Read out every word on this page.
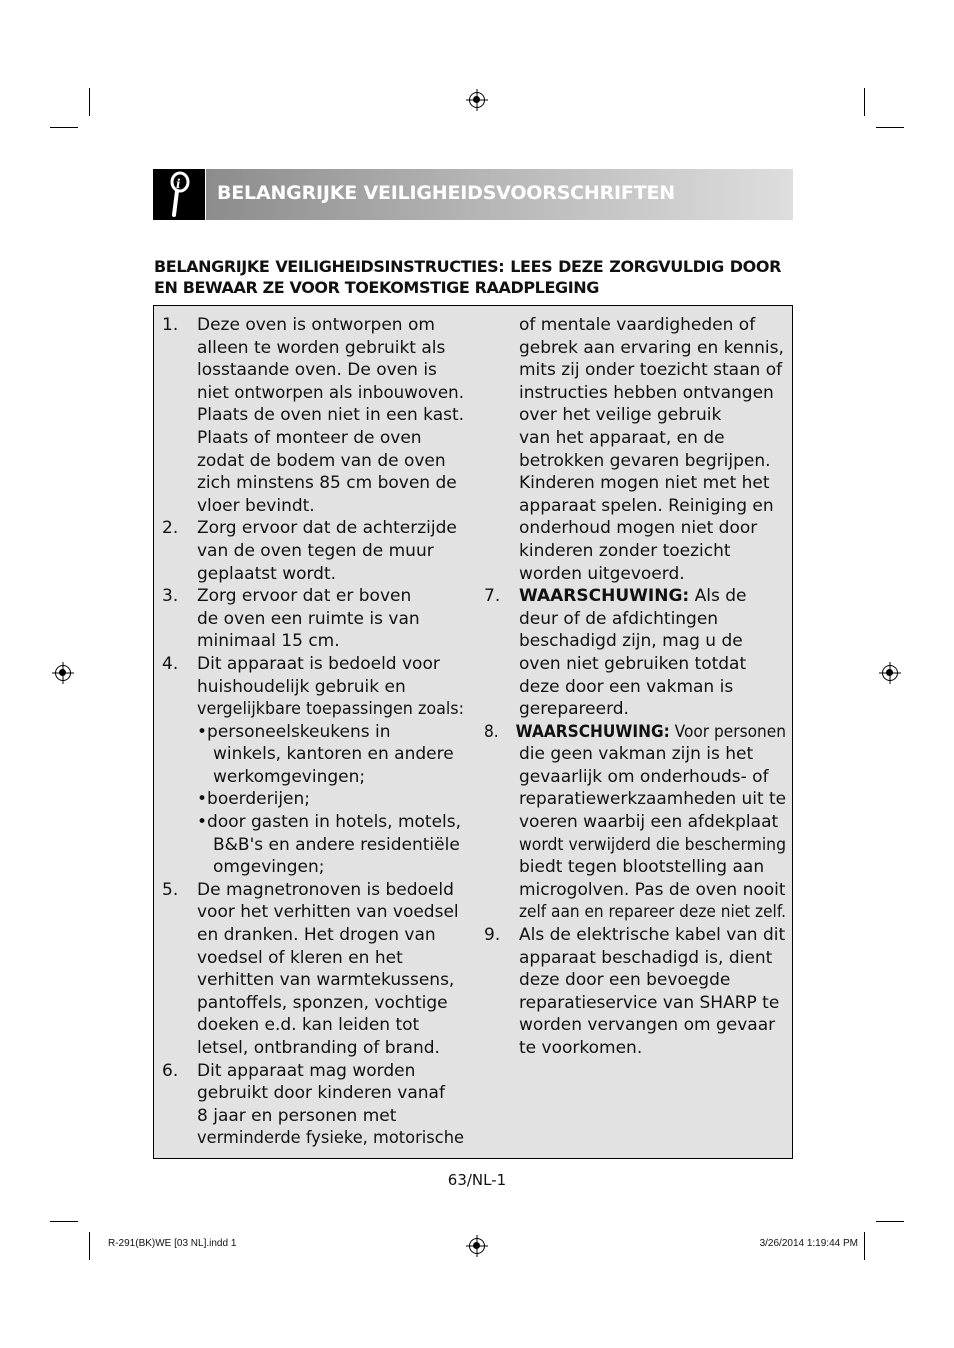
i BELANGRIJKE VEILIGHEIDSVOORSCHRIFTEN

BELANGRIJKE VEILIGHEIDSINSTRUCTIES: LEES DEZE ZORGVULDIG DOOR EN BEWAAR ZE VOOR TOEKOMSTIGE RAADPLEGING

1. Deze oven is ontworpen om
alleen te worden gebruikt als
losstaande oven. De oven is
niet ontworpen als inbouwoven.
Plaats de oven niet in een kast.
Plaats of monteer de oven
zodat de bodem van de oven
zich minstens 85 cm boven de
vloer bevindt.
2. Zorg ervoor dat de achterzijde
van de oven tegen de muur
geplaatst wordt.
3. Zorg ervoor dat er boven
de oven een ruimte is van
minimaal 15 cm.
4. Dit apparaat is bedoeld voor
huishoudelijk gebruik en
vergelijkbare toepassingen zoals:
•personeelskeukens in
winkels, kantoren en andere
werkomgevingen;
•boerderijen;
•door gasten in hotels, motels,
B&B's en andere residentiële
omgevingen;
5. De magnetronoven is bedoeld
voor het verhitten van voedsel
en dranken. Het drogen van
voedsel of kleren en het
verhitten van warmtekussens,
pantoffels, sponzen, vochtige
doeken e.d. kan leiden tot
letsel, ontbranding of brand.
6. Dit apparaat mag worden
gebruikt door kinderen vanaf
8 jaar en personen met
verminderde fysieke, motorische
of mentale vaardigheden of
gebrek aan ervaring en kennis,
mits zij onder toezicht staan of
instructies hebben ontvangen
over het veilige gebruik
van het apparaat, en de
betrokken gevaren begrijpen.
Kinderen mogen niet met het
apparaat spelen. Reiniging en
onderhoud mogen niet door
kinderen zonder toezicht
worden uitgevoerd.
7. WAARSCHUWING: Als de
deur of de afdichtingen
beschadigd zijn, mag u de
oven niet gebruiken totdat
deze door een vakman is
gerepareerd.
8. WAARSCHUWING: Voor personen
die geen vakman zijn is het
gevaarlijk om onderhouds- of
reparatiewerkzaamheden uit te
voeren waarbij een afdekplaat
wordt verwijderd die bescherming
biedt tegen blootstelling aan
microgolven. Pas de oven nooit
zelf aan en repareer deze niet zelf.
9. Als de elektrische kabel van dit
apparaat beschadigd is, dient
deze door een bevoegde
reparatieservice van SHARP te
worden vervangen om gevaar
te voorkomen.
63/NL-1
R-291(BK)WE [03 NL].indd 1	3/26/2014 1:19:44 PM
